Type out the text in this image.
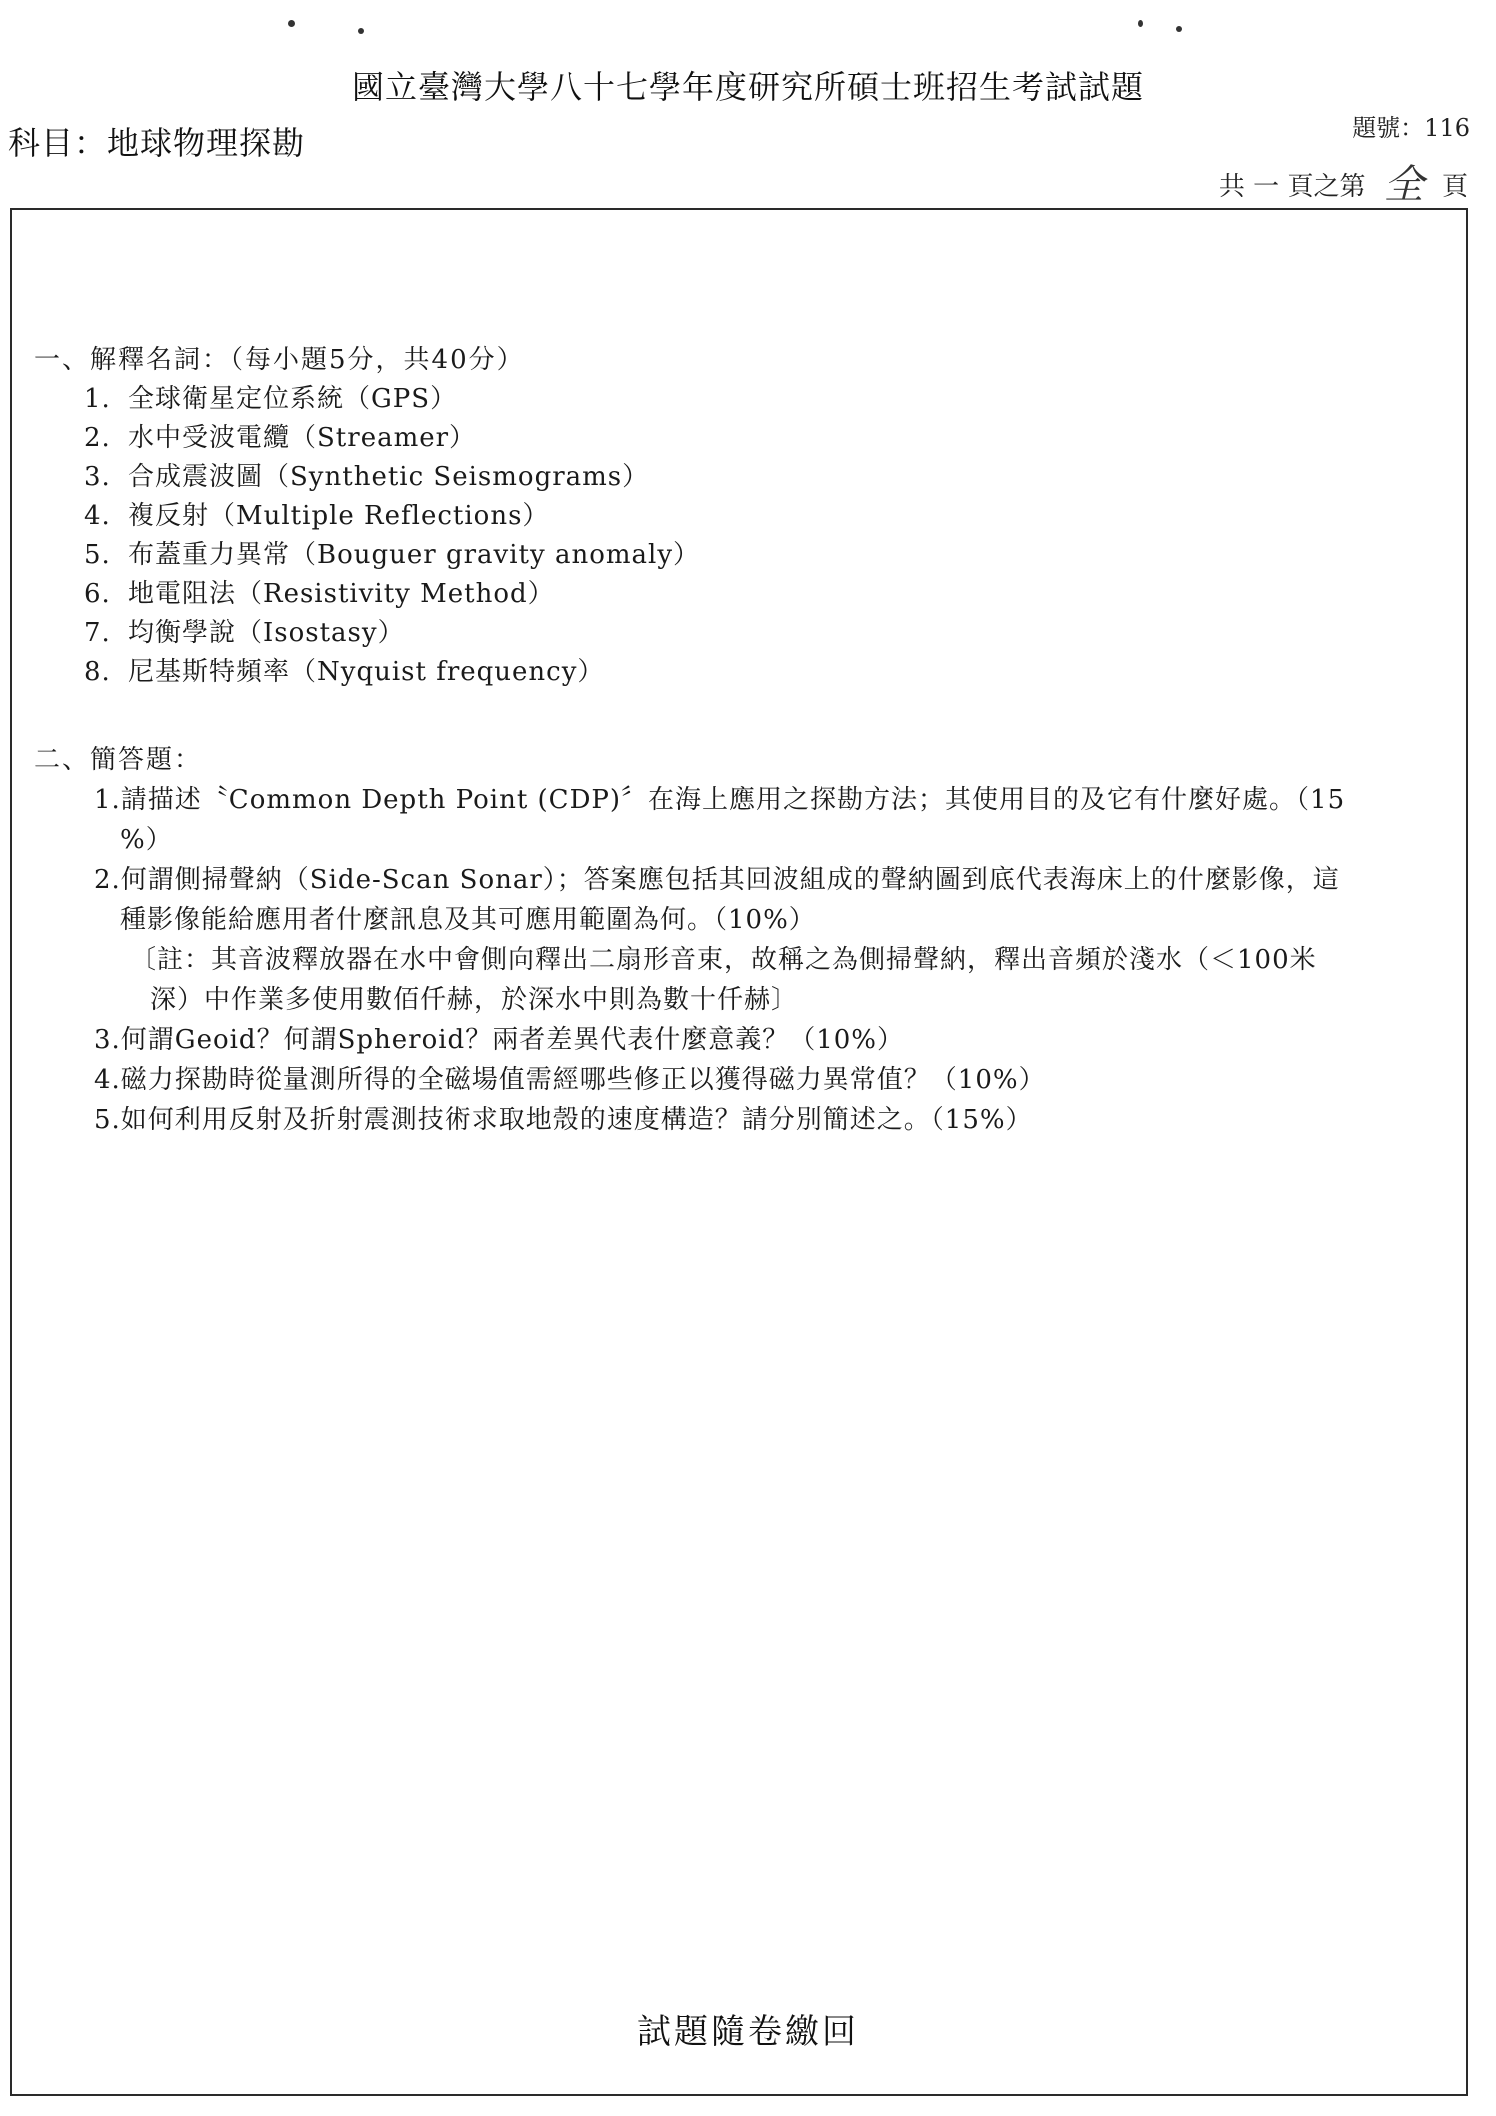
國立臺灣大學八十七學年度研究所碩士班招生考試試題
科目：地球物理探勘	題號：116
共 一 頁之第 全 頁
一、解釋名詞：（每小題5分，共40分）
1. 全球衛星定位系統（GPS）
2. 水中受波電纜（Streamer）
3. 合成震波圖（Synthetic Seismograms）
4. 複反射（Multiple Reflections）
5. 布蓋重力異常（Bouguer gravity anomaly）
6. 地電阻法（Resistivity Method）
7. 均衡學說（Isostasy）
8. 尼基斯特頻率（Nyquist frequency）
二、簡答題：
1.請描述〝Common Depth Point (CDP)〞在海上應用之探勘方法；其使用目的及它有什麼好處。（15
%）
2.何謂側掃聲納（Side-Scan Sonar）；答案應包括其回波組成的聲納圖到底代表海床上的什麼影像，這
種影像能給應用者什麼訊息及其可應用範圍為何。（10%）
〔註：其音波釋放器在水中會側向釋出二扇形音束，故稱之為側掃聲納，釋出音頻於淺水（＜100米
深）中作業多使用數佰仟赫，於深水中則為數十仟赫〕
3.何謂Geoid？何謂Spheroid？兩者差異代表什麼意義？（10%）
4.磁力探勘時從量測所得的全磁場值需經哪些修正以獲得磁力異常值？（10%）
5.如何利用反射及折射震測技術求取地殼的速度構造？請分別簡述之。（15%）
試題隨卷繳回
